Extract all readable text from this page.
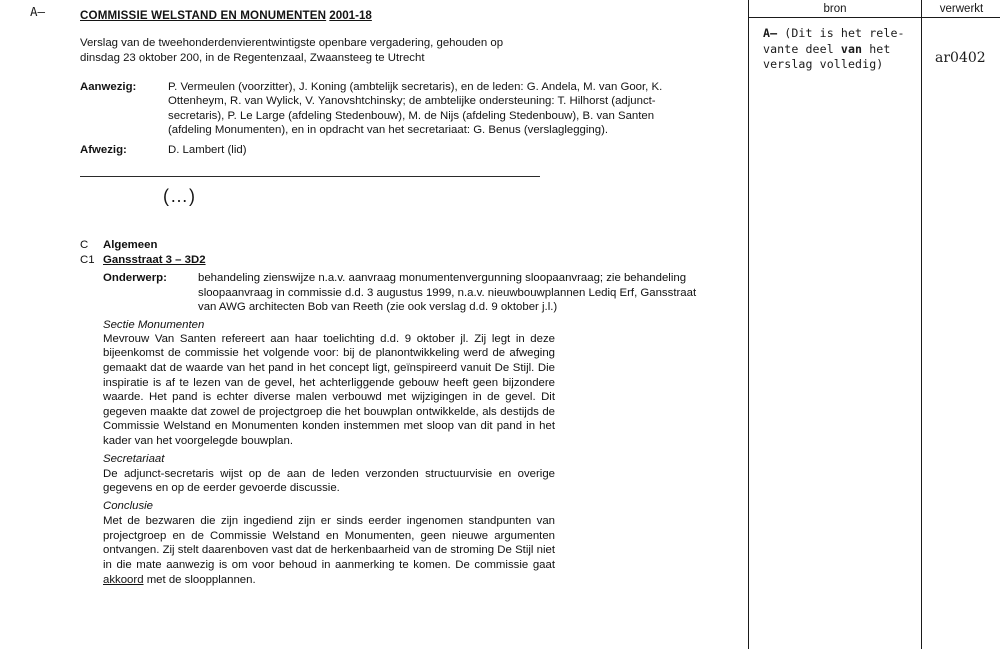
A–	COMMISSIE WELSTAND EN MONUMENTEN 2001-18
Verslag van de tweehonderdenvierentwintigste openbare vergadering, gehouden op dinsdag 23 oktober 200, in de Regentenzaal, Zwaansteeg te Utrecht
Aanwezig:	P. Vermeulen (voorzitter), J. Koning (ambtelijk secretaris), en de leden: G. Andela, M. van Goor, K. Ottenheym, R. van Wylick, V. Yanovshtchinsky; de ambtelijke ondersteuning: T. Hilhorst (adjunct-secretaris), P. Le Large (afdeling Stedenbouw), M. de Nijs (afdeling Stedenbouw), B. van Santen (afdeling Monumenten), en in opdracht van het secretariaat: G. Benus (verslaglegging).
Afwezig:	D. Lambert (lid)
(…)
C	Algemeen
C1 Gansstraat 3 – 3D2
Onderwerp:	behandeling zienswijze n.a.v. aanvraag monumentenvergunning sloopaanvraag; zie behandeling sloopaanvraag in commissie d.d. 3 augustus 1999, n.a.v. nieuwbouwplannen Lediq Erf, Gansstraat van AWG architecten Bob van Reeth (zie ook verslag d.d. 9 oktober j.l.)
Sectie Monumenten
Mevrouw Van Santen refereert aan haar toelichting d.d. 9 oktober jl. Zij legt in deze bijeenkomst de commissie het volgende voor: bij de planontwikkeling werd de afweging gemaakt dat de waarde van het pand in het concept ligt, geïnspireerd vanuit De Stijl. Die inspiratie is af te lezen van de gevel, het achterliggende gebouw heeft geen bijzondere waarde. Het pand is echter diverse malen verbouwd met wijzigingen in de gevel. Dit gegeven maakte dat zowel de projectgroep die het bouwplan ontwikkelde, als destijds de Commissie Welstand en Monumenten konden instemmen met sloop van dit pand in het kader van het voorgelegde bouwplan.
Secretariaat
De adjunct-secretaris wijst op de aan de leden verzonden structuurvisie en overige gegevens en op de eerder gevoerde discussie.
Conclusie
Met de bezwaren die zijn ingediend zijn er sinds eerder ingenomen standpunten van projectgroep en de Commissie Welstand en Monumenten, geen nieuwe argumenten ontvangen. Zij stelt daarenboven vast dat de herkenbaarheid van de stroming De Stijl niet in die mate aanwezig is om voor behoud in aanmerking te komen. De commissie gaat akkoord met de sloopplannen.
bron	verwerkt
A– (Dit is het rele-
vante deel van het
verslag volledig)	ar0402
